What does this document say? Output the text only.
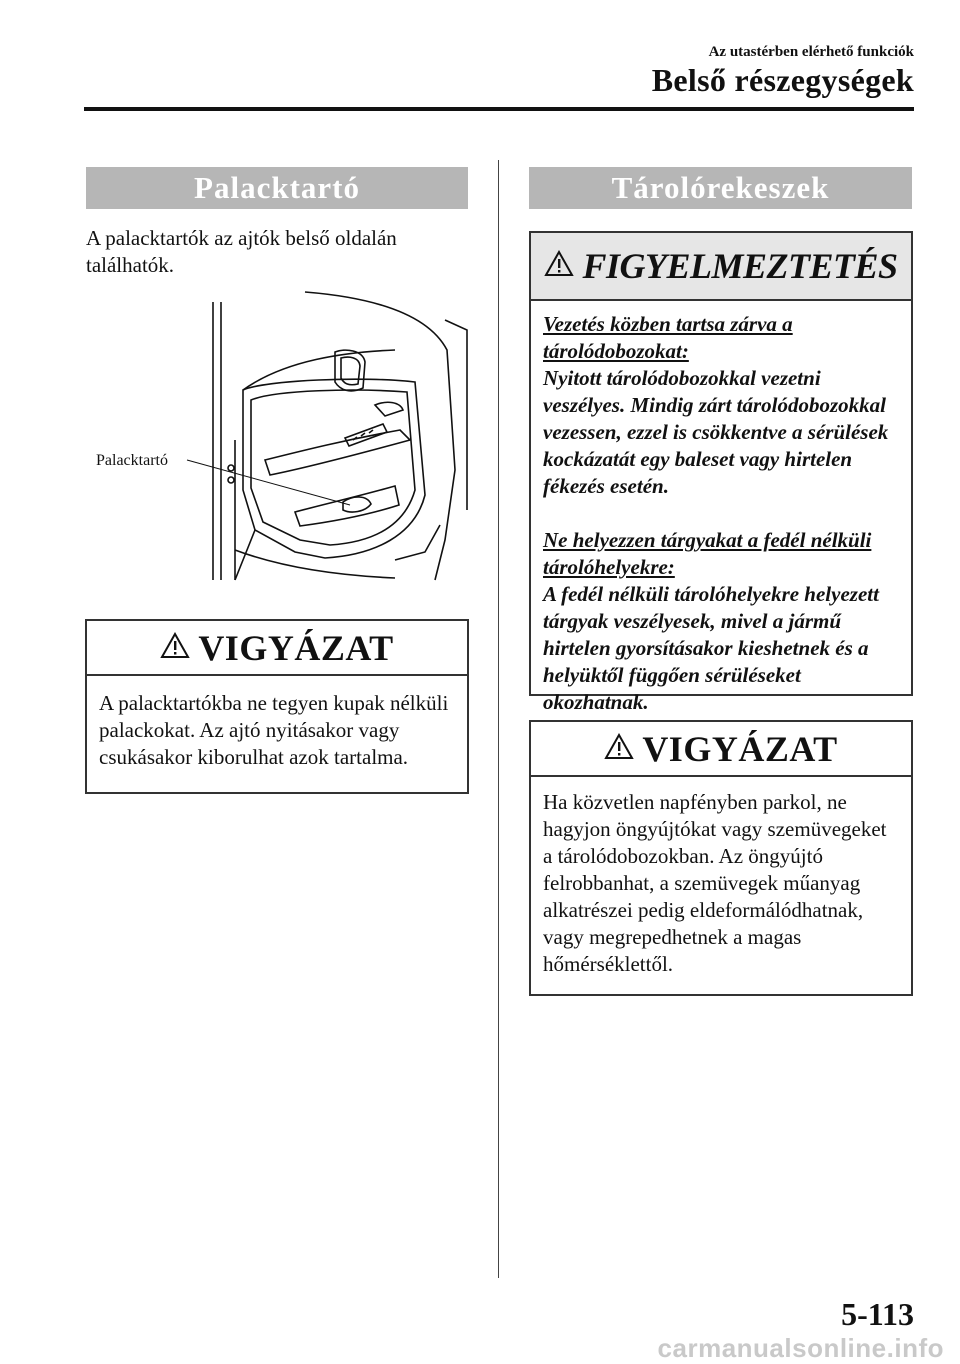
Az utastérben elérhető funkciók
Belső részegységek
Palacktartó
A palacktartók az ajtók belső oldalán találhatók.
Palacktartó
VIGYÁZAT
A palacktartókba ne tegyen kupak nélküli palackokat. Az ajtó nyitásakor vagy csukásakor kiborulhat azok tartalma.
Tárolórekeszek
FIGYELMEZTETÉS

Vezetés közben tartsa zárva a tárolódobozokat:

Nyitott tárolódobozokkal vezetni veszélyes. Mindig zárt tárolódobozokkal vezessen, ezzel is csökkentve a sérülések kockázatát egy baleset vagy hirtelen fékezés esetén.

Ne helyezzen tárgyakat a fedél nélküli tárolóhelyekre:

A fedél nélküli tárolóhelyekre helyezett tárgyak veszélyesek, mivel a jármű hirtelen gyorsításakor kieshetnek és a helyüktől függően sérüléseket okozhatnak.

VIGYÁZAT
Ha közvetlen napfényben parkol, ne hagyjon öngyújtókat vagy szemüvegeket a tárolódobozokban. Az öngyújtó felrobbanhat, a szemüvegek műanyag alkatrészei pedig eldeformálódhatnak, vagy megrepedhetnek a magas hőmérséklettől.
5-113
carmanualsonline.info
